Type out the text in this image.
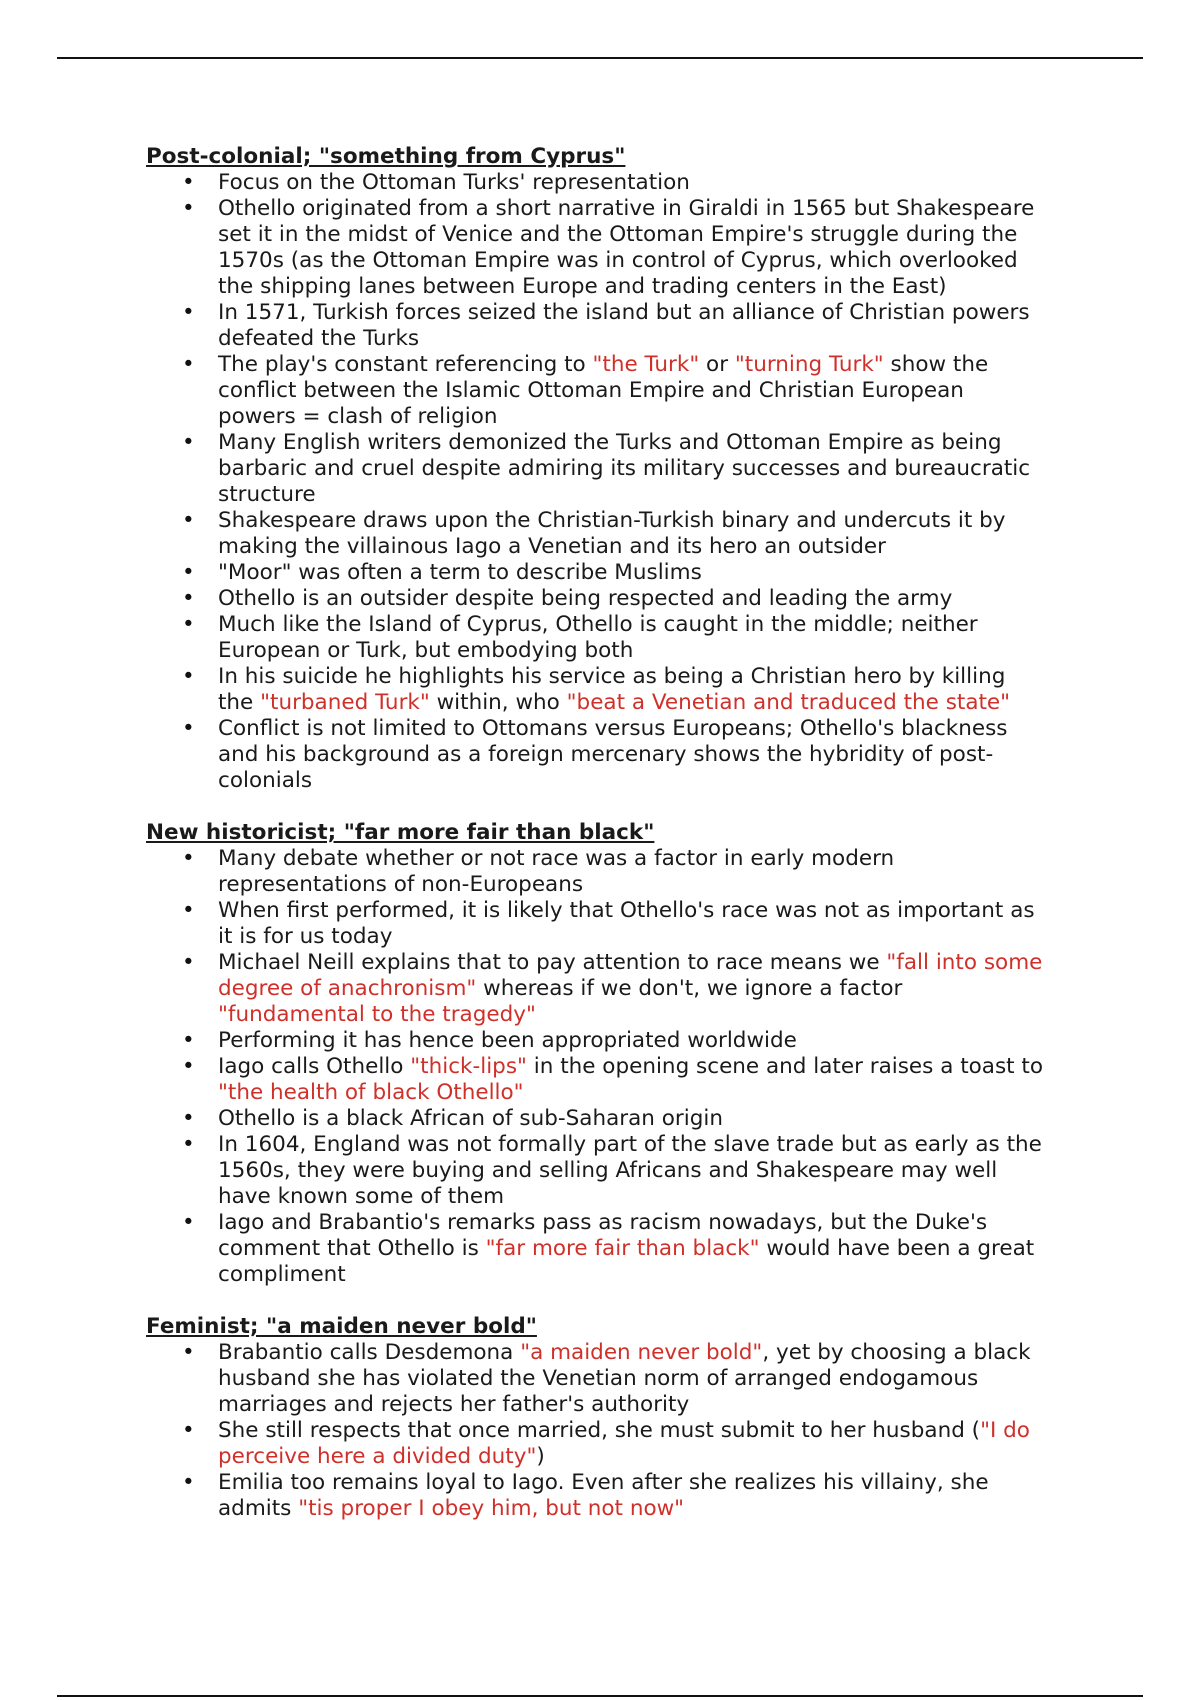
Post-colonial; "something from Cyprus"
• Focus on the Ottoman Turks' representation
• Othello originated from a short narrative in Giraldi in 1565 but Shakespeare set it in the midst of Venice and the Ottoman Empire's struggle during the 1570s (as the Ottoman Empire was in control of Cyprus, which overlooked the shipping lanes between Europe and trading centers in the East)
• In 1571, Turkish forces seized the island but an alliance of Christian powers defeated the Turks
• The play's constant referencing to "the Turk" or "turning Turk" show the conflict between the Islamic Ottoman Empire and Christian European powers = clash of religion
• Many English writers demonized the Turks and Ottoman Empire as being barbaric and cruel despite admiring its military successes and bureaucratic structure
• Shakespeare draws upon the Christian-Turkish binary and undercuts it by making the villainous Iago a Venetian and its hero an outsider
• "Moor" was often a term to describe Muslims
• Othello is an outsider despite being respected and leading the army
• Much like the Island of Cyprus, Othello is caught in the middle; neither European or Turk, but embodying both
• In his suicide he highlights his service as being a Christian hero by killing the "turbaned Turk" within, who "beat a Venetian and traduced the state"
• Conflict is not limited to Ottomans versus Europeans; Othello's blackness and his background as a foreign mercenary shows the hybridity of post-colonials
New historicist; "far more fair than black"
• Many debate whether or not race was a factor in early modern representations of non-Europeans
• When first performed, it is likely that Othello's race was not as important as it is for us today
• Michael Neill explains that to pay attention to race means we "fall into some degree of anachronism" whereas if we don't, we ignore a factor "fundamental to the tragedy"
• Performing it has hence been appropriated worldwide
• Iago calls Othello "thick-lips" in the opening scene and later raises a toast to "the health of black Othello"
• Othello is a black African of sub-Saharan origin
• In 1604, England was not formally part of the slave trade but as early as the 1560s, they were buying and selling Africans and Shakespeare may well have known some of them
• Iago and Brabantio's remarks pass as racism nowadays, but the Duke's comment that Othello is "far more fair than black" would have been a great compliment
Feminist; "a maiden never bold"
• Brabantio calls Desdemona "a maiden never bold", yet by choosing a black husband she has violated the Venetian norm of arranged endogamous marriages and rejects her father's authority
• She still respects that once married, she must submit to her husband ("I do perceive here a divided duty")
• Emilia too remains loyal to Iago. Even after she realizes his villainy, she admits "tis proper I obey him, but not now"
